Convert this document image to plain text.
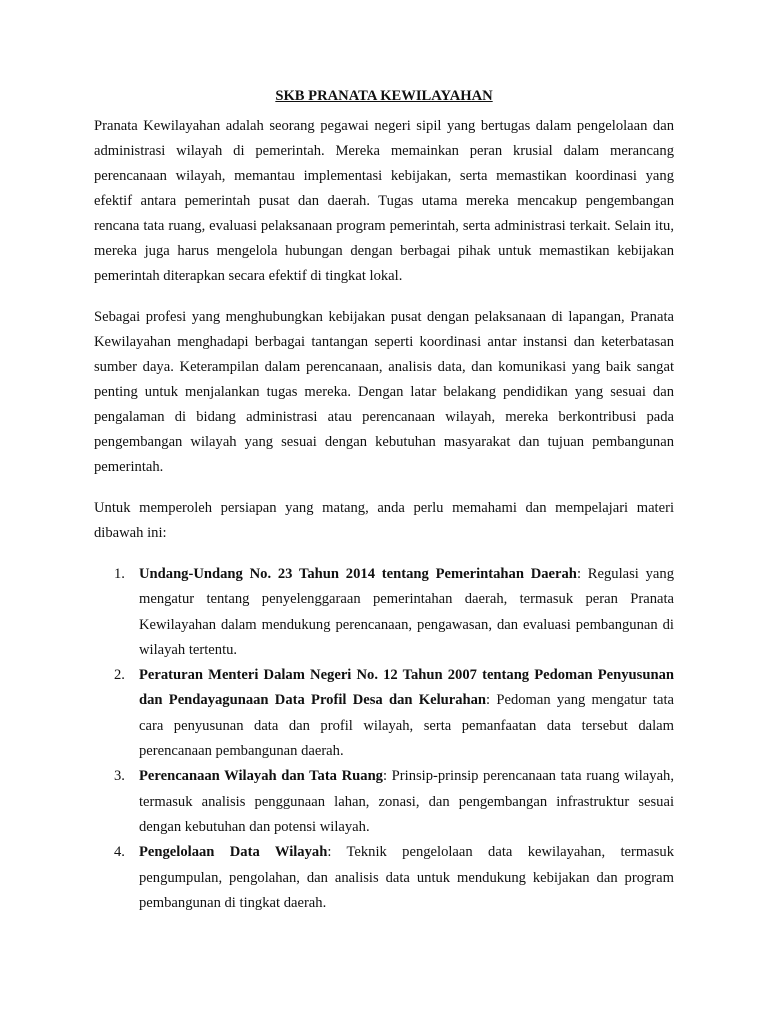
SKB PRANATA KEWILAYAHAN

Pranata Kewilayahan adalah seorang pegawai negeri sipil yang bertugas dalam pengelolaan dan administrasi wilayah di pemerintah. Mereka memainkan peran krusial dalam merancang perencanaan wilayah, memantau implementasi kebijakan, serta memastikan koordinasi yang efektif antara pemerintah pusat dan daerah. Tugas utama mereka mencakup pengembangan rencana tata ruang, evaluasi pelaksanaan program pemerintah, serta administrasi terkait. Selain itu, mereka juga harus mengelola hubungan dengan berbagai pihak untuk memastikan kebijakan pemerintah diterapkan secara efektif di tingkat lokal.

Sebagai profesi yang menghubungkan kebijakan pusat dengan pelaksanaan di lapangan, Pranata Kewilayahan menghadapi berbagai tantangan seperti koordinasi antar instansi dan keterbatasan sumber daya. Keterampilan dalam perencanaan, analisis data, dan komunikasi yang baik sangat penting untuk menjalankan tugas mereka. Dengan latar belakang pendidikan yang sesuai dan pengalaman di bidang administrasi atau perencanaan wilayah, mereka berkontribusi pada pengembangan wilayah yang sesuai dengan kebutuhan masyarakat dan tujuan pembangunan pemerintah.

Untuk memperoleh persiapan yang matang, anda perlu memahami dan mempelajari materi dibawah ini:

1. Undang-Undang No. 23 Tahun 2014 tentang Pemerintahan Daerah: Regulasi yang mengatur tentang penyelenggaraan pemerintahan daerah, termasuk peran Pranata Kewilayahan dalam mendukung perencanaan, pengawasan, dan evaluasi pembangunan di wilayah tertentu.
2. Peraturan Menteri Dalam Negeri No. 12 Tahun 2007 tentang Pedoman Penyusunan dan Pendayagunaan Data Profil Desa dan Kelurahan: Pedoman yang mengatur tata cara penyusunan data dan profil wilayah, serta pemanfaatan data tersebut dalam perencanaan pembangunan daerah.
3. Perencanaan Wilayah dan Tata Ruang: Prinsip-prinsip perencanaan tata ruang wilayah, termasuk analisis penggunaan lahan, zonasi, dan pengembangan infrastruktur sesuai dengan kebutuhan dan potensi wilayah.
4. Pengelolaan Data Wilayah: Teknik pengelolaan data kewilayahan, termasuk pengumpulan, pengolahan, dan analisis data untuk mendukung kebijakan dan program pembangunan di tingkat daerah.
